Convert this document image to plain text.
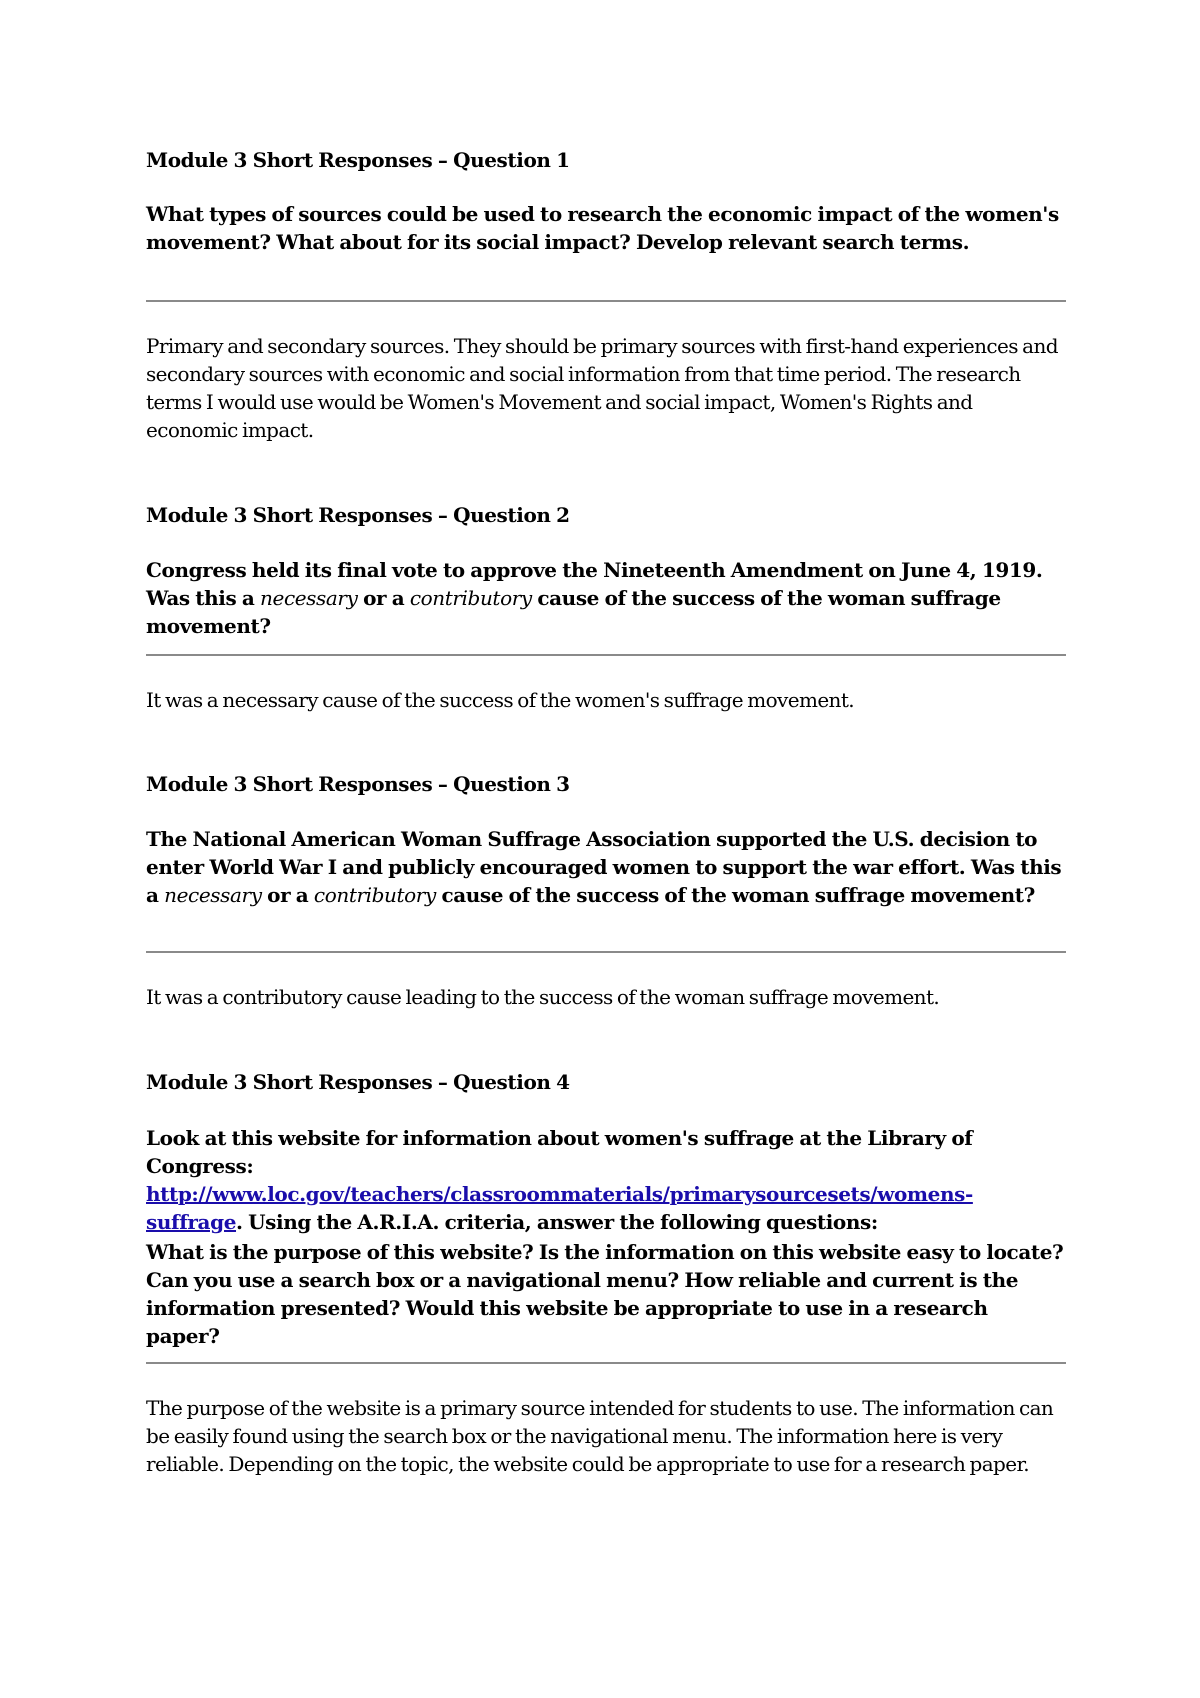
Module 3 Short Responses – Question 1

What types of sources could be used to research the economic impact of the women's movement? What about for its social impact? Develop relevant search terms.

Primary and secondary sources. They should be primary sources with first-hand experiences and secondary sources with economic and social information from that time period. The research terms I would use would be Women's Movement and social impact, Women's Rights and economic impact.

Module 3 Short Responses – Question 2

Congress held its final vote to approve the Nineteenth Amendment on June 4, 1919. Was this a necessary or a contributory cause of the success of the woman suffrage movement?

It was a necessary cause of the success of the women's suffrage movement.

Module 3 Short Responses – Question 3

The National American Woman Suffrage Association supported the U.S. decision to enter World War I and publicly encouraged women to support the war effort. Was this a necessary or a contributory cause of the success of the woman suffrage movement?

It was a contributory cause leading to the success of the woman suffrage movement.

Module 3 Short Responses – Question 4

Look at this website for information about women's suffrage at the Library of Congress: http://www.loc.gov/teachers/classroommaterials/primarysourcesets/womens-suffrage. Using the A.R.I.A. criteria, answer the following questions:

What is the purpose of this website? Is the information on this website easy to locate? Can you use a search box or a navigational menu? How reliable and current is the information presented? Would this website be appropriate to use in a research paper?

The purpose of the website is a primary source intended for students to use. The information can be easily found using the search box or the navigational menu. The information here is very reliable. Depending on the topic, the website could be appropriate to use for a research paper.
